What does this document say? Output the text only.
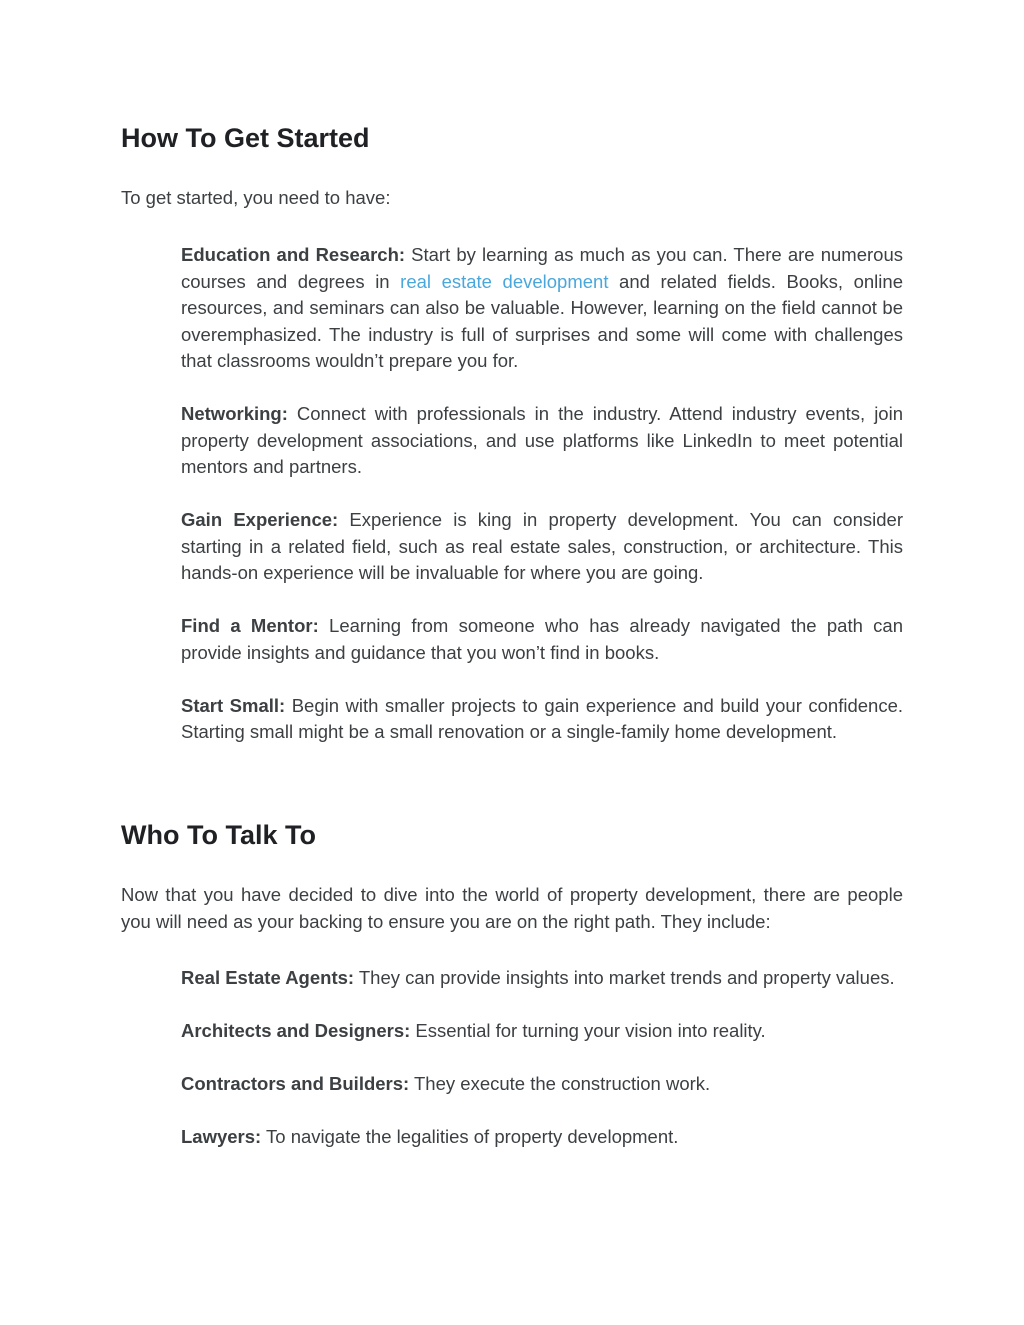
How To Get Started

To get started, you need to have:

Education and Research: Start by learning as much as you can. There are numerous courses and degrees in real estate development and related fields. Books, online resources, and seminars can also be valuable. However, learning on the field cannot be overemphasized. The industry is full of surprises and some will come with challenges that classrooms wouldn’t prepare you for.
Networking: Connect with professionals in the industry. Attend industry events, join property development associations, and use platforms like LinkedIn to meet potential mentors and partners.
Gain Experience: Experience is king in property development. You can consider starting in a related field, such as real estate sales, construction, or architecture. This hands-on experience will be invaluable for where you are going.
Find a Mentor: Learning from someone who has already navigated the path can provide insights and guidance that you won’t find in books.
Start Small: Begin with smaller projects to gain experience and build your confidence. Starting small might be a small renovation or a single-family home development.
Who To Talk To

Now that you have decided to dive into the world of property development, there are people you will need as your backing to ensure you are on the right path. They include:

Real Estate Agents: They can provide insights into market trends and property values.
Architects and Designers: Essential for turning your vision into reality.
Contractors and Builders: They execute the construction work.
Lawyers: To navigate the legalities of property development.
